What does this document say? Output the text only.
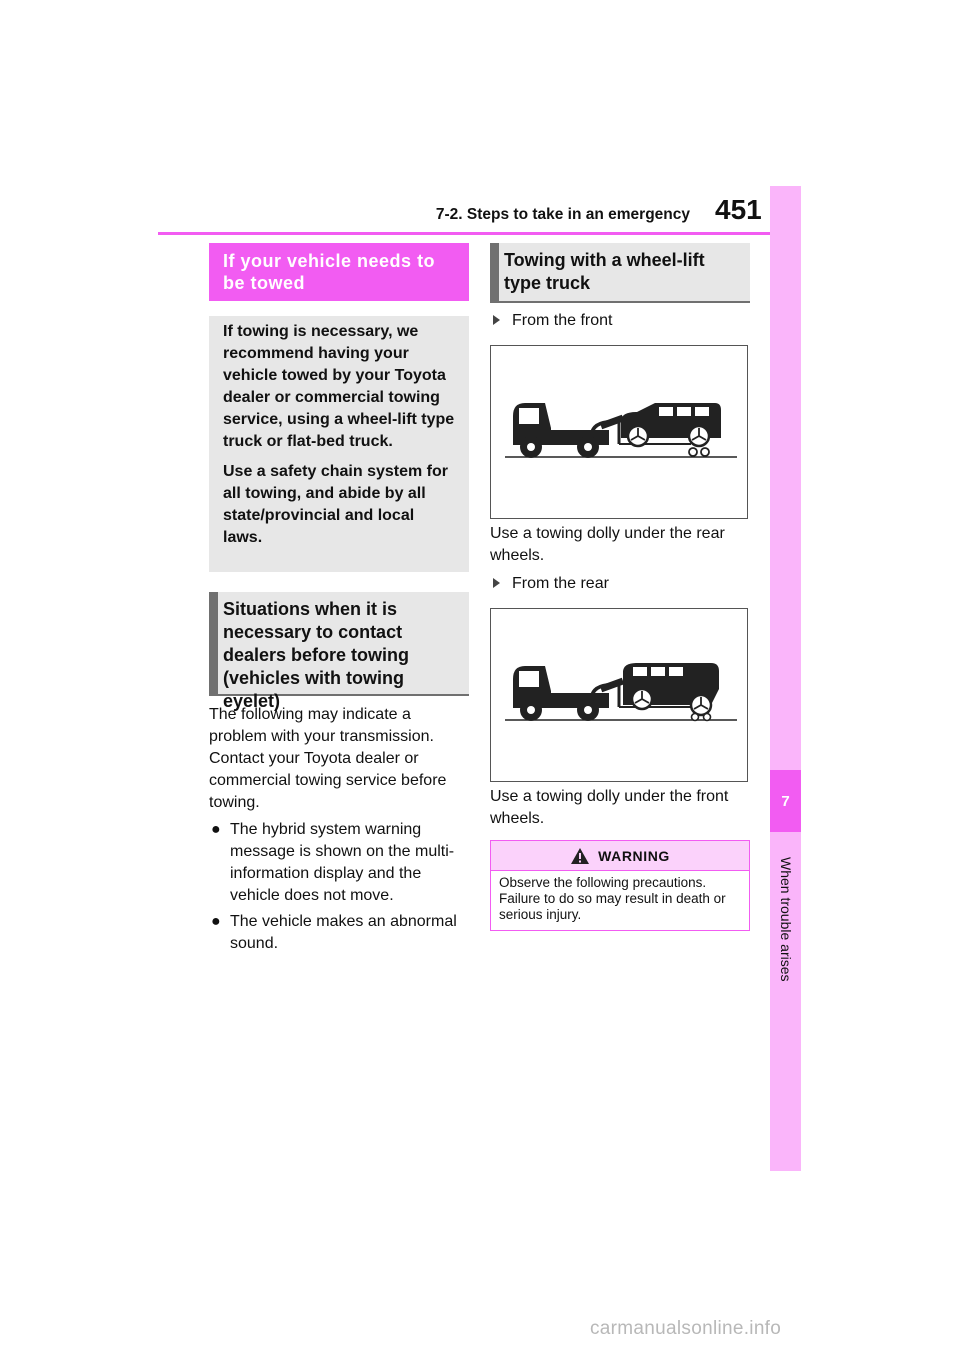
7-2. Steps to take in an emergency 451
7
When trouble arises
If your vehicle needs to be towed

If towing is necessary, we recommend having your vehicle towed by your Toyota dealer or commercial towing service, using a wheel-lift type truck or flat-bed truck.

Use a safety chain system for all towing, and abide by all state/provincial and local laws.

Situations when it is necessary to contact dealers before towing (vehicles with towing eyelet)
The following may indicate a problem with your transmission. Contact your Toyota dealer or commercial towing service before towing.
● The hybrid system warning message is shown on the multi-information display and the vehicle does not move.
● The vehicle makes an abnormal sound.
Towing with a wheel-lift type truck
From the front
Use a towing dolly under the rear wheels.
From the rear
Use a towing dolly under the front wheels.
WARNING
Observe the following precautions. Failure to do so may result in death or serious injury.
carmanualsonline.info
